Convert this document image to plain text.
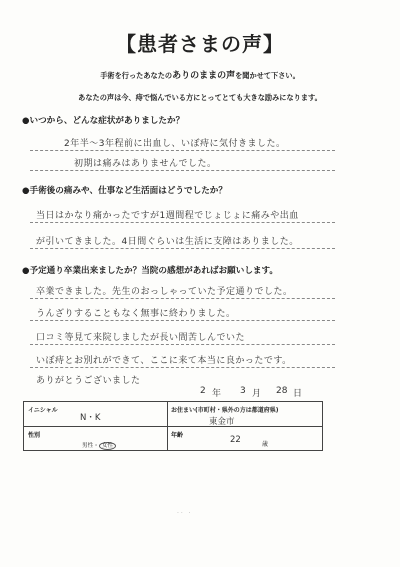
【患者さまの声】
手術を行ったあなたのありのままの声を聞かせて下さい。
あなたの声は今、痔で悩んでいる方にとってとても大きな励みになります。
●いつから、どんな症状がありましたか？
2年半〜3年程前に出血し、いぼ痔に気付きました。
初期は痛みはありませんでした。
●手術後の痛みや、仕事など生活面はどうでしたか？
当日はかなり痛かったですが1週間程でじょじょに痛みや出血
が引いてきました。4日間ぐらいは生活に支障はありました。
●予定通り卒業出来ましたか？当院の感想があればお願いします。
卒業できました。先生のおっしゃっていた予定通りでした。
うんざりすることもなく無事に終わりました。
口コミ等見て来院しましたが長い間苦しんでいた
いぼ痔とお別れができて、ここに来て本当に良かったです。
ありがとうございました
2 年 3 月 28 日
イニシャル
N・K
お住まい(市町村・県外の方は都道府県)
東金市
性別
男性・ 女性
年齢	22	歳
·· ·
